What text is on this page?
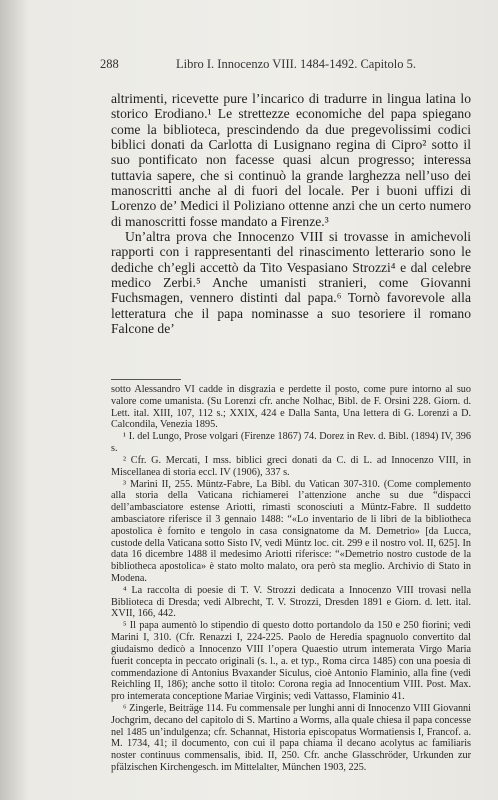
288	Libro I. Innocenzo VIII. 1484-1492. Capitolo 5.

altrimenti, ricevette pure l’incarico di tradurre in lingua latina lo storico Erodiano.¹ Le strettezze economiche del papa spiegano come la biblioteca, prescindendo da due pregevolissimi codici biblici donati da Carlotta di Lusignano regina di Cipro² sotto il suo pontificato non facesse quasi alcun progresso; interessa tuttavia sapere, che si continuò la grande larghezza nell’uso dei manoscritti anche al di fuori del locale. Per i buoni uffizi di Lorenzo de’ Medici il Poliziano ottenne anzi che un certo numero di manoscritti fosse mandato a Firenze.³

Un’altra prova che Innocenzo VIII si trovasse in amichevoli rapporti con i rappresentanti del rinascimento letterario sono le dediche ch’egli accettò da Tito Vespasiano Strozzi⁴ e dal celebre medico Zerbi.⁵ Anche umanisti stranieri, come Giovanni Fuchsmagen, vennero distinti dal papa.⁶ Tornò favorevole alla letteratura che il papa nominasse a suo tesoriere il romano Falcone de’

sotto Alessandro VI cadde in disgrazia e perdette il posto, come pure intorno al suo valore come umanista. (Su Lorenzi cfr. anche Nolhac, Bibl. de F. Orsini 228. Giorn. d. Lett. ital. XIII, 107, 112 s.; XXIX, 424 e Dalla Santa, Una lettera di G. Lorenzi a D. Calcondila, Venezia 1895.

¹ I. del Lungo, Prose volgari (Firenze 1867) 74. Dorez in Rev. d. Bibl. (1894) IV, 396 s.

² Cfr. G. Mercati, I mss. biblici greci donati da C. di L. ad Innocenzo VIII, in Miscellanea di storia eccl. IV (1906), 337 s.

³ Marini II, 255. Müntz-Fabre, La Bibl. du Vatican 307-310. (Come complemento alla storia della Vaticana richiamerei l’attenzione anche su due “dispacci dell’ambasciatore estense Ariotti, rimasti sconosciuti a Müntz-Fabre. Il suddetto ambasciatore riferisce il 3 gennaio 1488: “«Lo inventario de li libri de la bibliotheca apostolica è fornito e tengolo in casa consignatome da M. Demetrio» [da Lucca, custode della Vaticana sotto Sisto IV, vedi Müntz loc. cit. 299 e il nostro vol. II, 625]. In data 16 dicembre 1488 il medesimo Ariotti riferisce: “«Demetrio nostro custode de la bibliotheca apostolica» è stato molto malato, ora però sta meglio. Archivio di Stato in Modena.

⁴ La raccolta di poesie di T. V. Strozzi dedicata a Innocenzo VIII trovasi nella Biblioteca di Dresda; vedi Albrecht, T. V. Strozzi, Dresden 1891 e Giorn. d. lett. ital. XVII, 166, 442.

⁵ Il papa aumentò lo stipendio di questo dotto portandolo da 150 e 250 fiorini; vedi Marini I, 310. (Cfr. Renazzi I, 224-225. Paolo de Heredia spagnuolo convertito dal giudaismo dedicò a Innocenzo VIII l’opera Quaestio utrum intemerata Virgo Maria fuerit concepta in peccato originali (s. l., a. et typ., Roma circa 1485) con una poesia di commendazione di Antonius Bvaxander Siculus, cioè Antonio Flaminio, alla fine (vedi Reichling II, 186); anche sotto il titolo: Corona regia ad Innocentium VIII. Post. Max. pro intemerata conceptione Mariae Virginis; vedi Vattasso, Flaminio 41.

⁶ Zingerle, Beiträge 114. Fu commensale per lunghi anni di Innocenzo VIII Giovanni Jochgrim, decano del capitolo di S. Martino a Worms, alla quale chiesa il papa concesse nel 1485 un’indulgenza; cfr. Schannat, Historia episcopatus Wormatiensis I, Francof. a. M. 1734, 41; il documento, con cui il papa chiama il decano acolytus ac familiaris noster continuus commensalis, ibid. II, 250. Cfr. anche Glasschröder, Urkunden zur pfälzischen Kirchengesch. im Mittelalter, München 1903, 225.
